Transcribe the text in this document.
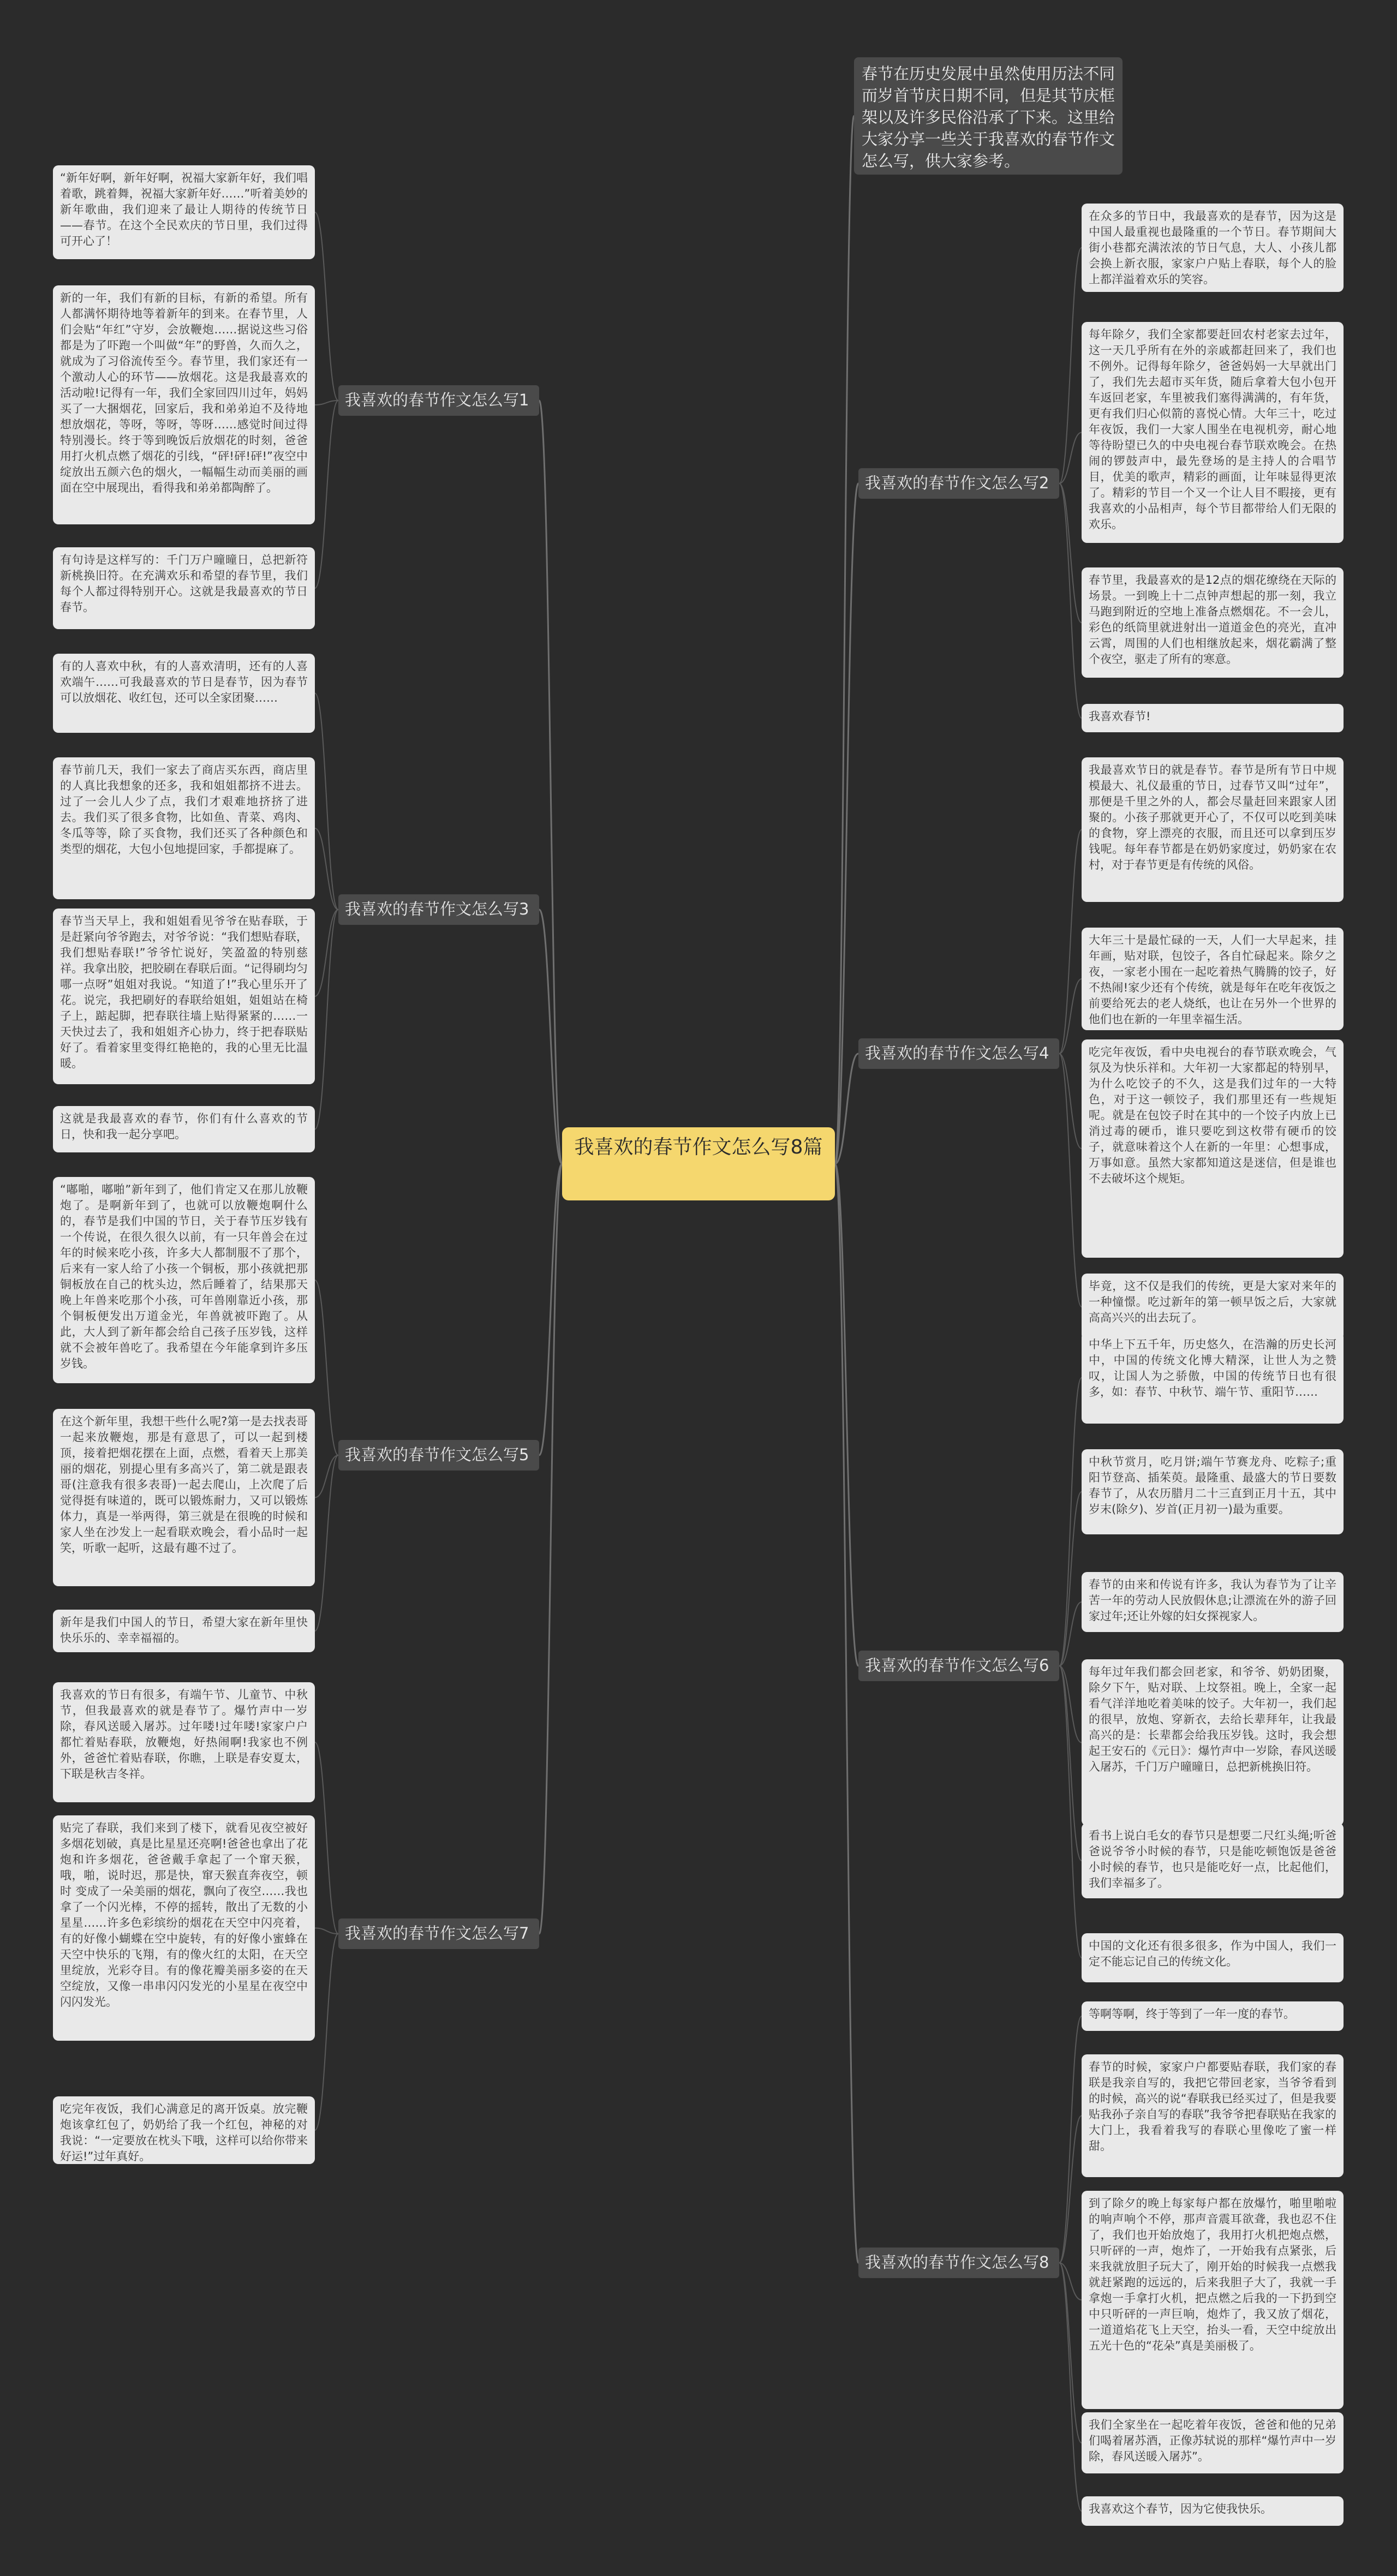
我喜欢的春节作文怎么写8篇
春节在历史发展中虽然使用历法不同而岁首节庆日期不同，但是其节庆框架以及许多民俗沿承了下来。这里给大家分享一些关于我喜欢的春节作文怎么写，供大家参考。
我喜欢的春节作文怎么写1
“新年好啊，新年好啊，祝福大家新年好，我们唱着歌，跳着舞，祝福大家新年好……”听着美妙的新年歌曲，我们迎来了最让人期待的传统节日——春节。在这个全民欢庆的节日里，我们过得可开心了！
新的一年，我们有新的目标，有新的希望。所有人都满怀期待地等着新年的到来。在春节里，人们会贴“年红”守岁，会放鞭炮……据说这些习俗都是为了吓跑一个叫做“年”的野兽，久而久之，就成为了习俗流传至今。春节里，我们家还有一个激动人心的环节——放烟花。这是我最喜欢的活动啦!记得有一年，我们全家回四川过年，妈妈买了一大捆烟花，回家后，我和弟弟迫不及待地想放烟花，等呀，等呀，等呀……感觉时间过得特别漫长。终于等到晚饭后放烟花的时刻，爸爸用打火机点燃了烟花的引线，“砰!砰!砰!”夜空中绽放出五颜六色的烟火，一幅幅生动而美丽的画面在空中展现出，看得我和弟弟都陶醉了。
有句诗是这样写的：千门万户曈曈日，总把新符新桃换旧符。在充满欢乐和希望的春节里，我们每个人都过得特别开心。这就是我最喜欢的节日春节。
我喜欢的春节作文怎么写2
在众多的节日中，我最喜欢的是春节，因为这是中国人最重视也最隆重的一个节日。春节期间大街小巷都充满浓浓的节日气息，大人、小孩儿都会换上新衣服，家家户户贴上春联，每个人的脸上都洋溢着欢乐的笑容。
每年除夕，我们全家都要赶回农村老家去过年，这一天几乎所有在外的亲戚都赶回来了，我们也不例外。记得每年除夕，爸爸妈妈一大早就出门了，我们先去超市买年货，随后拿着大包小包开车返回老家，车里被我们塞得满满的，有年货，更有我们归心似箭的喜悦心情。大年三十，吃过年夜饭，我们一大家人围坐在电视机旁，耐心地等待盼望已久的中央电视台春节联欢晚会。在热闹的锣鼓声中，最先登场的是主持人的合唱节目，优美的歌声，精彩的画面，让年味显得更浓了。精彩的节目一个又一个让人目不暇接，更有我喜欢的小品相声，每个节目都带给人们无限的欢乐。
春节里，我最喜欢的是12点的烟花缭绕在天际的场景。一到晚上十二点钟声想起的那一刻，我立马跑到附近的空地上准备点燃烟花。不一会儿，彩色的纸筒里就进射出一道道金色的亮光，直冲云霄，周围的人们也相继放起来，烟花霸满了整个夜空，驱走了所有的寒意。
我喜欢春节!
我喜欢的春节作文怎么写3
有的人喜欢中秋，有的人喜欢清明，还有的人喜欢端午……可我最喜欢的节日是春节，因为春节可以放烟花、收红包，还可以全家团聚……
春节前几天，我们一家去了商店买东西，商店里的人真比我想象的还多，我和姐姐都挤不进去。过了一会儿人少了点，我们才艰难地挤挤了进去。我们买了很多食物，比如鱼、青菜、鸡肉、冬瓜等等，除了买食物，我们还买了各种颜色和类型的烟花，大包小包地提回家，手都提麻了。
春节当天早上，我和姐姐看见爷爷在贴春联，于是赶紧向爷爷跑去，对爷爷说：“我们想贴春联，我们想贴春联!”爷爷忙说好，笑盈盈的特别慈祥。我拿出胶，把胶刷在春联后面。“记得刷均匀哪一点呀”姐姐对我说。“知道了!”我心里乐开了花。说完，我把刷好的春联给姐姐，姐姐站在椅子上，踮起脚，把春联往墙上贴得紧紧的……一天快过去了，我和姐姐齐心协力，终于把春联贴好了。看着家里变得红艳艳的，我的心里无比温暖。
这就是我最喜欢的春节，你们有什么喜欢的节日，快和我一起分享吧。
我喜欢的春节作文怎么写4
我最喜欢节日的就是春节。春节是所有节日中规模最大、礼仪最重的节日，过春节又叫“过年”，那便是千里之外的人，都会尽量赶回来跟家人团聚的。小孩子那就更开心了，不仅可以吃到美味的食物，穿上漂亮的衣服，而且还可以拿到压岁钱呢。每年春节都是在奶奶家度过，奶奶家在农村，对于春节更是有传统的风俗。
大年三十是最忙碌的一天，人们一大早起来，挂年画，贴对联，包饺子，各自忙碌起来。除夕之夜，一家老小围在一起吃着热气腾腾的饺子，好不热闹!家少还有个传统，就是每年在吃年夜饭之前要给死去的老人烧纸，也让在另外一个世界的他们也在新的一年里幸福生活。
吃完年夜饭，看中央电视台的春节联欢晚会，气氛及为快乐祥和。大年初一大家都起的特别早，为什么吃饺子的不久，这是我们过年的一大特色，对于这一顿饺子，我们那里还有一些规矩呢。就是在包饺子时在其中的一个饺子内放上已消过毒的硬币，谁只要吃到这枚带有硬币的饺子，就意味着这个人在新的一年里：心想事成，万事如意。虽然大家都知道这是迷信，但是谁也不去破坏这个规矩。
毕竟，这不仅是我们的传统，更是大家对来年的一种憧憬。吃过新年的第一顿早饭之后，大家就高高兴兴的出去玩了。
我喜欢的春节作文怎么写5
“嘟啪，嘟啪”新年到了，他们肯定又在那儿放鞭炮了。是啊新年到了，也就可以放鞭炮啊什么的，春节是我们中国的节日，关于春节压岁钱有一个传说，在很久很久以前，有一只年兽会在过年的时候来吃小孩，许多大人都制服不了那个，后来有一家人给了小孩一个铜板，那小孩就把那铜板放在自己的枕头边，然后睡着了，结果那天晚上年兽来吃那个小孩，可年兽刚靠近小孩，那个铜板便发出万道金光，年兽就被吓跑了。从此，大人到了新年都会给自己孩子压岁钱，这样就不会被年兽吃了。我希望在今年能拿到许多压岁钱。
在这个新年里，我想干些什么呢?第一是去找表哥一起来放鞭炮，那是有意思了，可以一起到楼顶，接着把烟花摆在上面，点燃，看着天上那美丽的烟花，别提心里有多高兴了，第二就是跟表哥(注意我有很多表哥)一起去爬山，上次爬了后觉得挺有味道的，既可以锻炼耐力，又可以锻炼体力，真是一举两得，第三就是在很晚的时候和家人坐在沙发上一起看联欢晚会，看小品时一起笑，听歌一起听，这最有趣不过了。
新年是我们中国人的节日，希望大家在新年里快快乐乐的、幸幸福福的。
我喜欢的春节作文怎么写6
中华上下五千年，历史悠久，在浩瀚的历史长河中，中国的传统文化博大精深，让世人为之赞叹，让国人为之骄傲，中国的传统节日也有很多，如：春节、中秋节、端午节、重阳节……
中秋节赏月，吃月饼;端午节赛龙舟、吃粽子;重阳节登高、插茱萸。最隆重、最盛大的节日要数春节了，从农历腊月二十三直到正月十五，其中岁末(除夕)、岁首(正月初一)最为重要。
春节的由来和传说有许多，我认为春节为了让辛苦一年的劳动人民放假休息;让漂流在外的游子回家过年;还让外嫁的妇女探视家人。
每年过年我们都会回老家，和爷爷、奶奶团聚，除夕下午，贴对联、上坟祭祖。晚上，全家一起看气洋洋地吃着美味的饺子。大年初一，我们起的很早，放炮、穿新衣，去给长辈拜年，让我最高兴的是：长辈都会给我压岁钱。这时，我会想起王安石的《元日》：爆竹声中一岁除，春风送暖入屠苏，千门万户曈曈日，总把新桃换旧符。
看书上说白毛女的春节只是想要二尺红头绳;听爸爸说爷爷小时候的春节，只是能吃顿饱饭是爸爸小时候的春节，也只是能吃好一点，比起他们，我们幸福多了。
中国的文化还有很多很多，作为中国人，我们一定不能忘记自己的传统文化。
我喜欢的春节作文怎么写7
我喜欢的节日有很多，有端午节、儿童节、中秋节，但我最喜欢的就是春节了。爆竹声中一岁除，春风送暖入屠苏。过年喽!过年喽!家家户户都忙着贴春联，放鞭炮，好热闹啊!我家也不例外，爸爸忙着贴春联，你瞧，上联是春安夏太，下联是秋吉冬祥。
贴完了春联，我们来到了楼下，就看见夜空被好多烟花划破，真是比星星还亮啊!爸爸也拿出了花炮和许多烟花，爸爸戴手拿起了一个窜天猴，哦，啪，说时迟，那是快，窜天猴直奔夜空，顿时 变成了一朵美丽的烟花，飘向了夜空……我也拿了一个闪光棒，不停的摇转，散出了无数的小星星……许多色彩缤纷的烟花在天空中闪亮着，有的好像小蝴蝶在空中旋转，有的好像小蜜蜂在天空中快乐的飞翔，有的像火红的太阳，在天空里绽放，光彩夺目。有的像花瓣美丽多姿的在天空绽放，又像一串串闪闪发光的小星星在夜空中闪闪发光。
吃完年夜饭，我们心满意足的离开饭桌。放完鞭炮该拿红包了，奶奶给了我一个红包，神秘的对我说：“一定要放在枕头下哦，这样可以给你带来好运!”过年真好。
我喜欢的春节作文怎么写8
等啊等啊，终于等到了一年一度的春节。
春节的时候，家家户户都要贴春联，我们家的春联是我亲自写的，我把它带回老家，当爷爷看到的时候，高兴的说“春联我已经买过了，但是我要贴我孙子亲自写的春联”我爷爷把春联贴在我家的大门上，我看着我写的春联心里像吃了蜜一样甜。
到了除夕的晚上每家每户都在放爆竹，啪里啪啦的响声响个不停，那声音震耳欲聋，我也忍不住了，我们也开始放炮了，我用打火机把炮点燃，只听砰的一声，炮炸了，一开始我有点紧张，后来我就放胆子玩大了，刚开始的时候我一点燃我就赶紧跑的远远的，后来我胆子大了，我就一手拿炮一手拿打火机，把点燃之后我的一下扔到空中只听砰的一声巨响，炮炸了，我又放了烟花，一道道焰花飞上天空，抬头一看，天空中绽放出五光十色的“花朵”真是美丽极了。
我们全家坐在一起吃着年夜饭，爸爸和他的兄弟们喝着屠苏酒，正像苏轼说的那样“爆竹声中一岁除，春风送暖入屠苏”。
我喜欢这个春节，因为它使我快乐。
